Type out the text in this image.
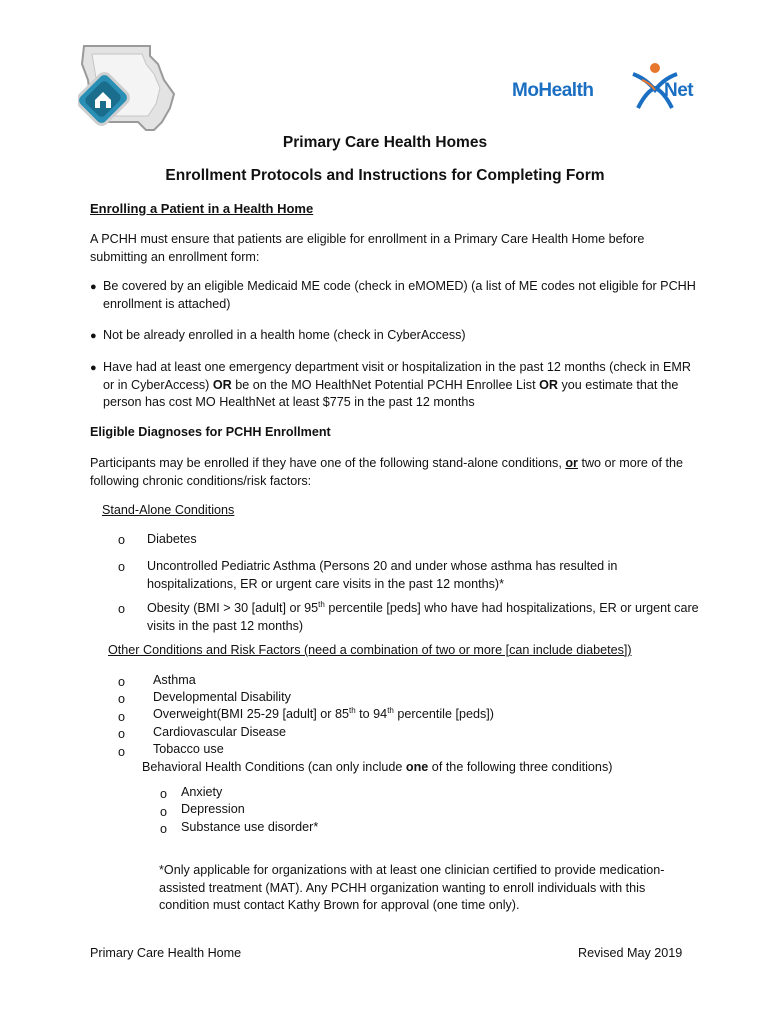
MoHealth	Net
Primary Care Health Homes
Enrollment Protocols and Instructions for Completing Form
Enrolling a Patient in a Health Home
A PCHH must ensure that patients are eligible for enrollment in a Primary Care Health Home before submitting an enrollment form:
● Be covered by an eligible Medicaid ME code (check in eMOMED) (a list of ME codes not eligible for PCHH
enrollment is attached)
● Not be already enrolled in a health home (check in CyberAccess)
● Have had at least one emergency department visit or hospitalization in the past 12 months (check in EMR
or in CyberAccess) OR be on the MO HealthNet Potential PCHH Enrollee List OR you estimate that the
person has cost MO HealthNet at least $775 in the past 12 months
Eligible Diagnoses for PCHH Enrollment
Participants may be enrolled if they have one of the following stand-alone conditions, or two or more of the
following chronic conditions/risk factors:
Stand-Alone Conditions
o Diabetes
o Uncontrolled Pediatric Asthma (Persons 20 and under whose asthma has resulted in
hospitalizations, ER or urgent care visits in the past 12 months)*
o Obesity (BMI > 30 [adult] or 95th percentile [peds] who have had hospitalizations, ER or urgent care
visits in the past 12 months)
Other Conditions and Risk Factors (need a combination of two or more [can include diabetes])
o Asthma
o Developmental Disability
o Overweight(BMI 25-29 [adult] or 85th to 94th percentile [peds])
o Cardiovascular Disease
o Tobacco use
Behavioral Health Conditions (can only include one of the following three conditions)
o Anxiety
o Depression
o Substance use disorder*
*Only applicable for organizations with at least one clinician certified to provide medication-
assisted treatment (MAT). Any PCHH organization wanting to enroll individuals with this
condition must contact Kathy Brown for approval (one time only).
Primary Care Health Home	Revised May 2019
